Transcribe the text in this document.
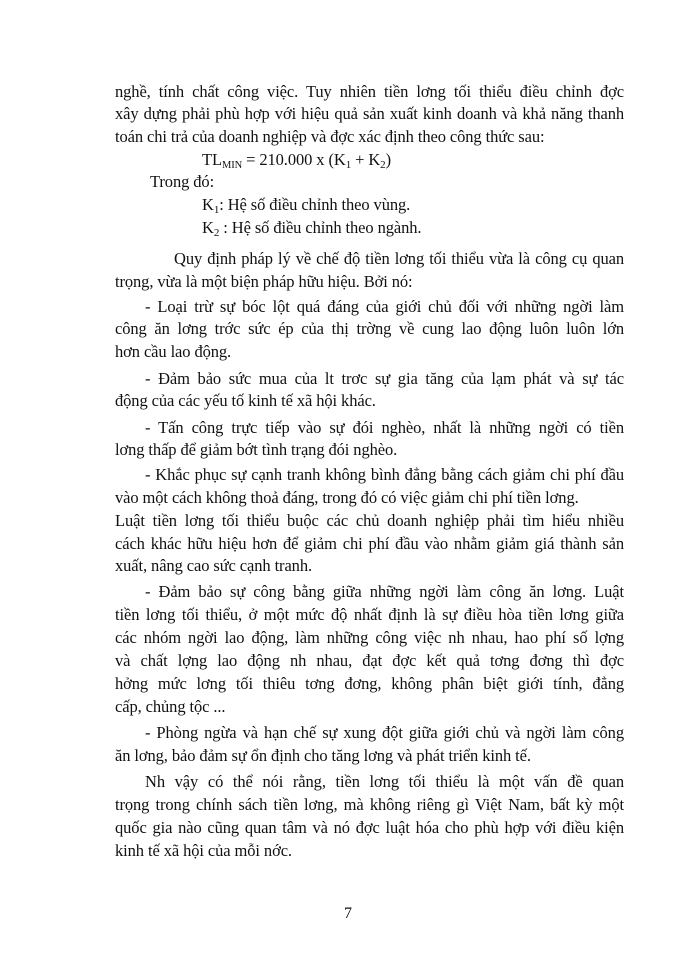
nghề, tính chất công việc. Tuy nhiên tiền lơng tối thiểu điều chỉnh đợc
xây dựng phải phù hợp với hiệu quả sản xuất kinh doanh và khả năng thanh
toán chi trả của doanh nghiệp và đợc xác định theo công thức sau:
$TL_{MIN} = 210.000$ x $(K_1 + K_2)$
Trong đó:
$K_1$: Hệ số điều chỉnh theo vùng.
$K_2$ : Hệ số điều chỉnh theo ngành.
Quy định pháp lý về chế độ tiền lơng tối thiểu vừa là công cụ quan
trọng, vừa là một biện pháp hữu hiệu. Bởi nó:
- Loại trừ sự bóc lột quá đáng của giới chủ đối với những ngời làm
công ăn lơng trớc sức ép của thị trờng về cung lao động luôn luôn lớn
hơn cầu lao động.
- Đảm bảo sức mua của lt trơc sự gia tăng của lạm phát và sự tác
động của các yếu tố kinh tế xã hội khác.
- Tấn công trực tiếp vào sự đói nghèo, nhất là những ngời có tiền
lơng thấp để giảm bớt tình trạng đói nghèo.
- Khắc phục sự cạnh tranh không bình đẳng bằng cách giảm chi phí đầu
vào một cách không thoả đáng, trong đó có việc giảm chi phí tiền lơng.
Luật tiền lơng tối thiểu buộc các chủ doanh nghiệp phải tìm hiểu nhiều
cách khác hữu hiệu hơn để giảm chi phí đầu vào nhằm giảm giá thành sản
xuất, nâng cao sức cạnh tranh.
- Đảm bảo sự công bằng giữa những ngời làm công ăn lơng. Luật
tiền lơng tối thiểu, ở một mức độ nhất định là sự điều hòa tiền lơng giữa
các nhóm ngời lao động, làm những công việc nh nhau, hao phí số lợng
và chất lợng lao động nh nhau, đạt đợc kết quả tơng đơng thì đợc
hởng mức lơng tối thiêu tơng đơng, không phân biệt giới tính, đẳng
cấp, chủng tộc ...
- Phòng ngừa và hạn chế sự xung đột giữa giới chủ và ngời làm công
ăn lơng, bảo đảm sự ổn định cho tăng lơng và phát triển kinh tế.
Nh vậy có thể nói rằng, tiền lơng tối thiểu là một vấn đề quan
trọng trong chính sách tiền lơng, mà không riêng gì Việt Nam, bất kỳ một
quốc gia nào cũng quan tâm và nó đợc luật hóa cho phù hợp với điều kiện
kinh tế xã hội của mỗi nớc.
7
